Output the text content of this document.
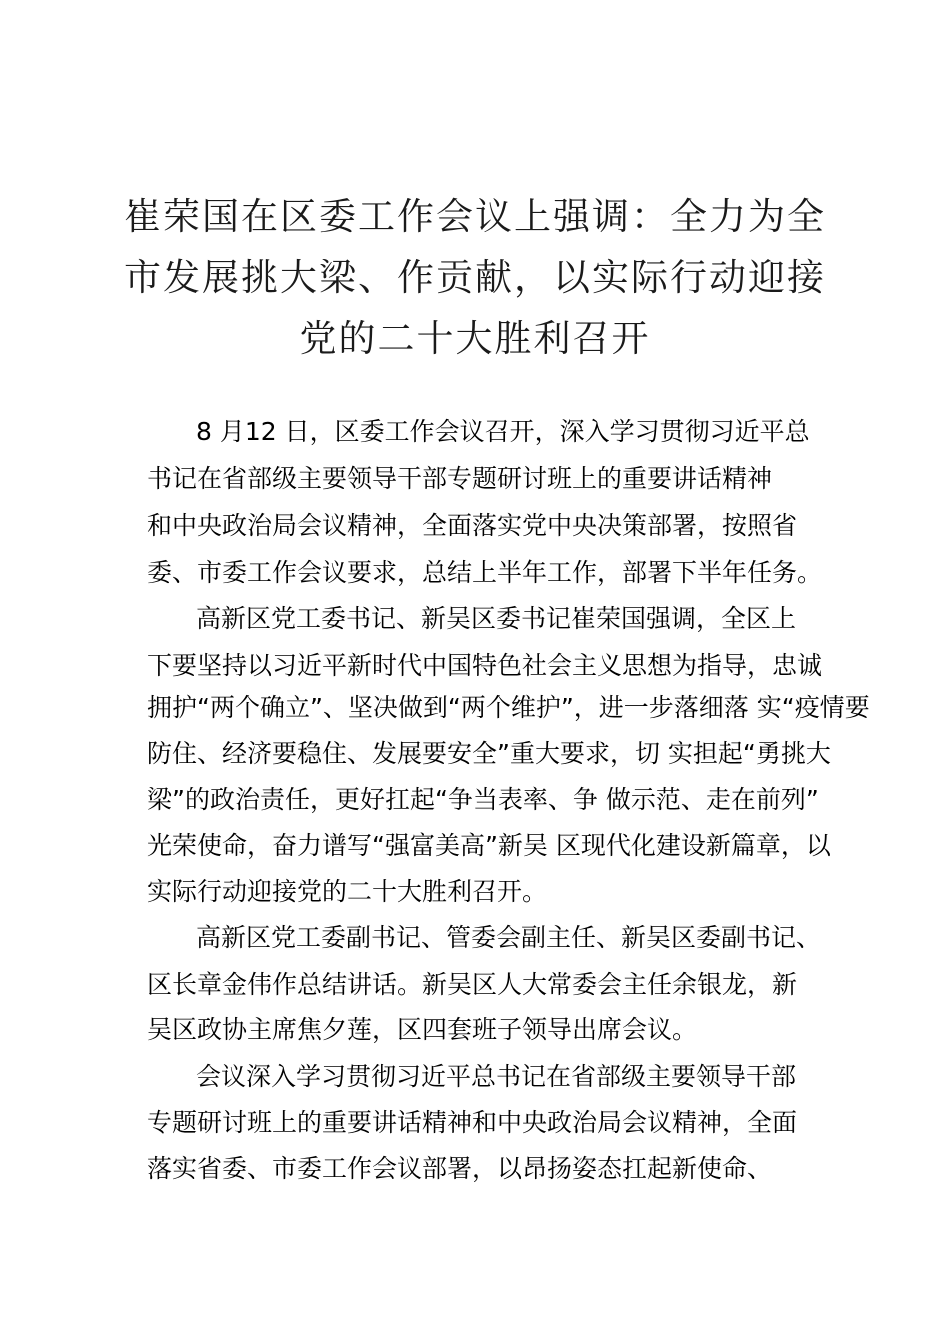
崔荣国在区委工作会议上强调：全力为全
市发展挑大梁、作贡献，以实际行动迎接
党的二十大胜利召开
8 月12 日，区委工作会议召开，深入学习贯彻习近平总
书记在省部级主要领导干部专题研讨班上的重要讲话精神
和中央政治局会议精神，全面落实党中央决策部署，按照省
委、市委工作会议要求，总结上半年工作，部署下半年任务。
高新区党工委书记、新吴区委书记崔荣国强调，全区上
下要坚持以习近平新时代中国特色社会主义思想为指导，忠诚
拥护“两个确立”、坚决做到“两个维护”，进一步落细落 实“疫情要
防住、经济要稳住、发展要安全”重大要求，切 实担起“勇挑大
梁”的政治责任，更好扛起“争当表率、争 做示范、走在前列”
光荣使命，奋力谱写“强富美高”新吴 区现代化建设新篇章，以
实际行动迎接党的二十大胜利召开。
高新区党工委副书记、管委会副主任、新吴区委副书记、
区长章金伟作总结讲话。新吴区人大常委会主任余银龙，新
吴区政协主席焦夕莲，区四套班子领导出席会议。
会议深入学习贯彻习近平总书记在省部级主要领导干部
专题研讨班上的重要讲话精神和中央政治局会议精神，全面
落实省委、市委工作会议部署，以昂扬姿态扛起新使命、
